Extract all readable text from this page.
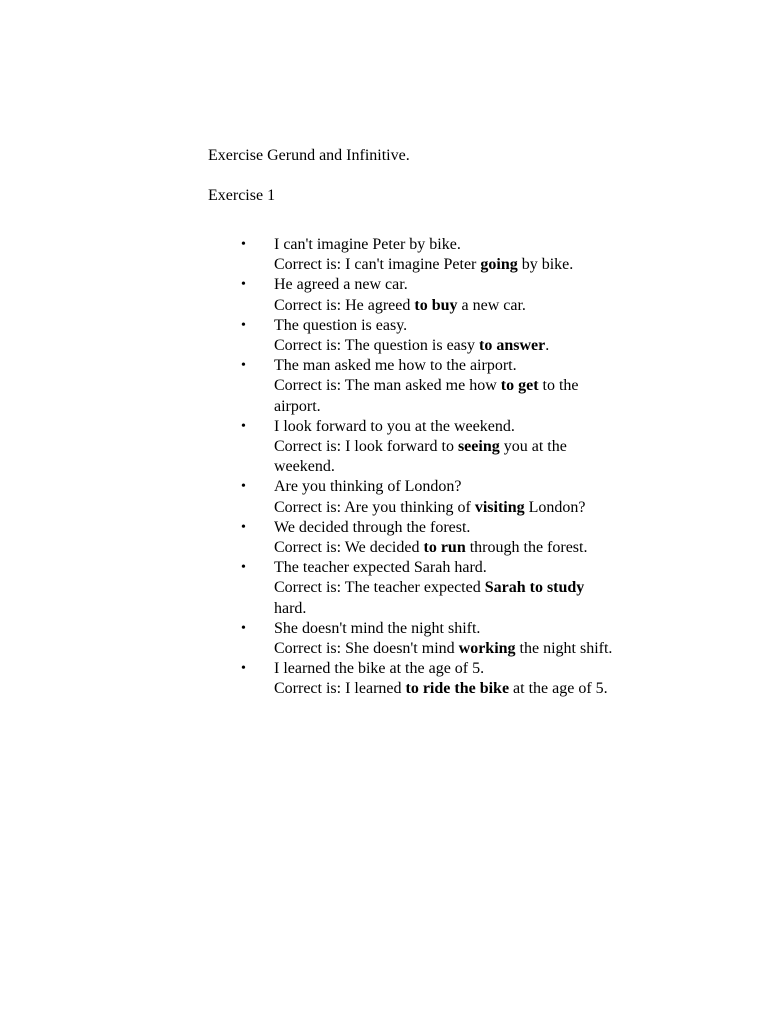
Exercise Gerund and Infinitive.
Exercise 1
•
I can't imagine Peter by bike.
Correct is: I can't imagine Peter going by bike.
•
He agreed a new car.
Correct is: He agreed to buy a new car.
•
The question is easy.
Correct is: The question is easy to answer.
•
The man asked me how to the airport.
Correct is: The man asked me how to get to the airport.
•
I look forward to you at the weekend.
Correct is: I look forward to seeing you at the weekend.
•
Are you thinking of London?
Correct is: Are you thinking of visiting London?
•
We decided through the forest.
Correct is: We decided to run through the forest.
•
The teacher expected Sarah hard.
Correct is: The teacher expected Sarah to study hard.
•
She doesn't mind the night shift.
Correct is: She doesn't mind working the night shift.
•
I learned the bike at the age of 5.
Correct is: I learned to ride the bike at the age of 5.
